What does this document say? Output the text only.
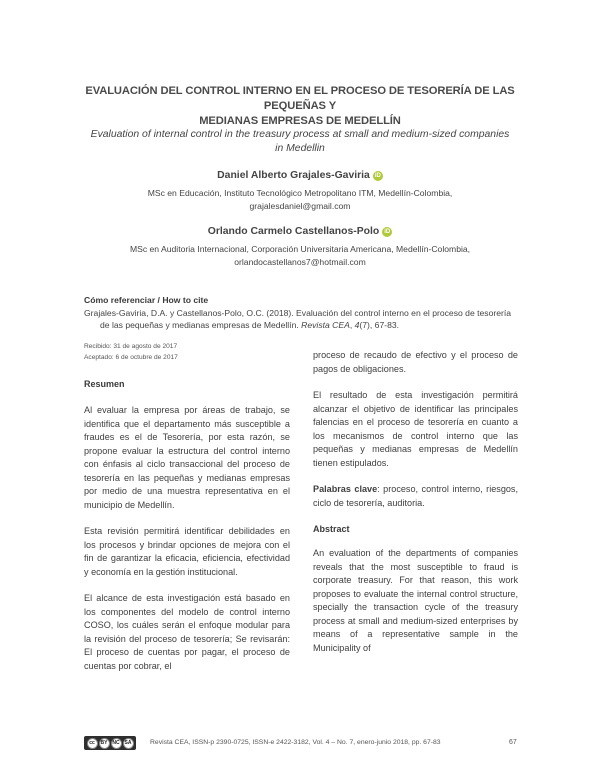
EVALUACIÓN DEL CONTROL INTERNO EN EL PROCESO DE TESORERÍA DE LAS PEQUEÑAS Y
MEDIANAS EMPRESAS DE MEDELLÍN
Evaluation of internal control in the treasury process at small and medium-sized companies
in Medellin
Daniel Alberto Grajales-Gaviria iD
MSc en Educación, Instituto Tecnológico Metropolitano ITM, Medellín-Colombia,
grajalesdaniel@gmail.com
Orlando Carmelo Castellanos-Polo iD
MSc en Auditoria Internacional, Corporación Universitaria Americana, Medellín-Colombia,
orlandocastellanos7@hotmail.com
Cómo referenciar / How to cite
Grajales-Gaviria, D.A. y Castellanos-Polo, O.C. (2018). Evaluación del control interno en el proceso de tesorería
de las pequeñas y medianas empresas de Medellín. Revista CEA, 4(7), 67-83.
Recibido: 31 de agosto de 2017
Aceptado: 6 de octubre de 2017

Resumen

Al evaluar la empresa por áreas de trabajo, se identifica que el departamento más susceptible a fraudes es el de Tesorería, por esta razón, se propone evaluar la estructura del control interno con énfasis al ciclo transaccional del proceso de tesorería en las pequeñas y medianas empresas por medio de una muestra representativa en el municipio de Medellín.

Esta revisión permitirá identificar debilidades en los procesos y brindar opciones de mejora con el fin de garantizar la eficacia, eficiencia, efectividad y economía en la gestión institucional.

El alcance de esta investigación está basado en los componentes del modelo de control interno COSO, los cuáles serán el enfoque modular para la revisión del proceso de tesorería; Se revisarán: El proceso de cuentas por pagar, el proceso de cuentas por cobrar, el

proceso de recaudo de efectivo y el proceso de pagos de obligaciones.

El resultado de esta investigación permitirá alcanzar el objetivo de identificar las principales falencias en el proceso de tesorería en cuanto a los mecanismos de control interno que las pequeñas y medianas empresas de Medellín tienen estipulados.

Palabras clave: proceso, control interno, riesgos, ciclo de tesorería, auditoria.

Abstract

An evaluation of the departments of companies reveals that the most susceptible to fraud is corporate treasury. For that reason, this work proposes to evaluate the internal control structure, specially the transaction cycle of the treasury process at small and medium-sized enterprises by means of a representative sample in the Municipality of

cc	BY NC SA	Revista CEA, ISSN-p 2390-0725, ISSN-e 2422-3182, Vol. 4 – No. 7, enero-junio 2018, pp. 67-83	67
